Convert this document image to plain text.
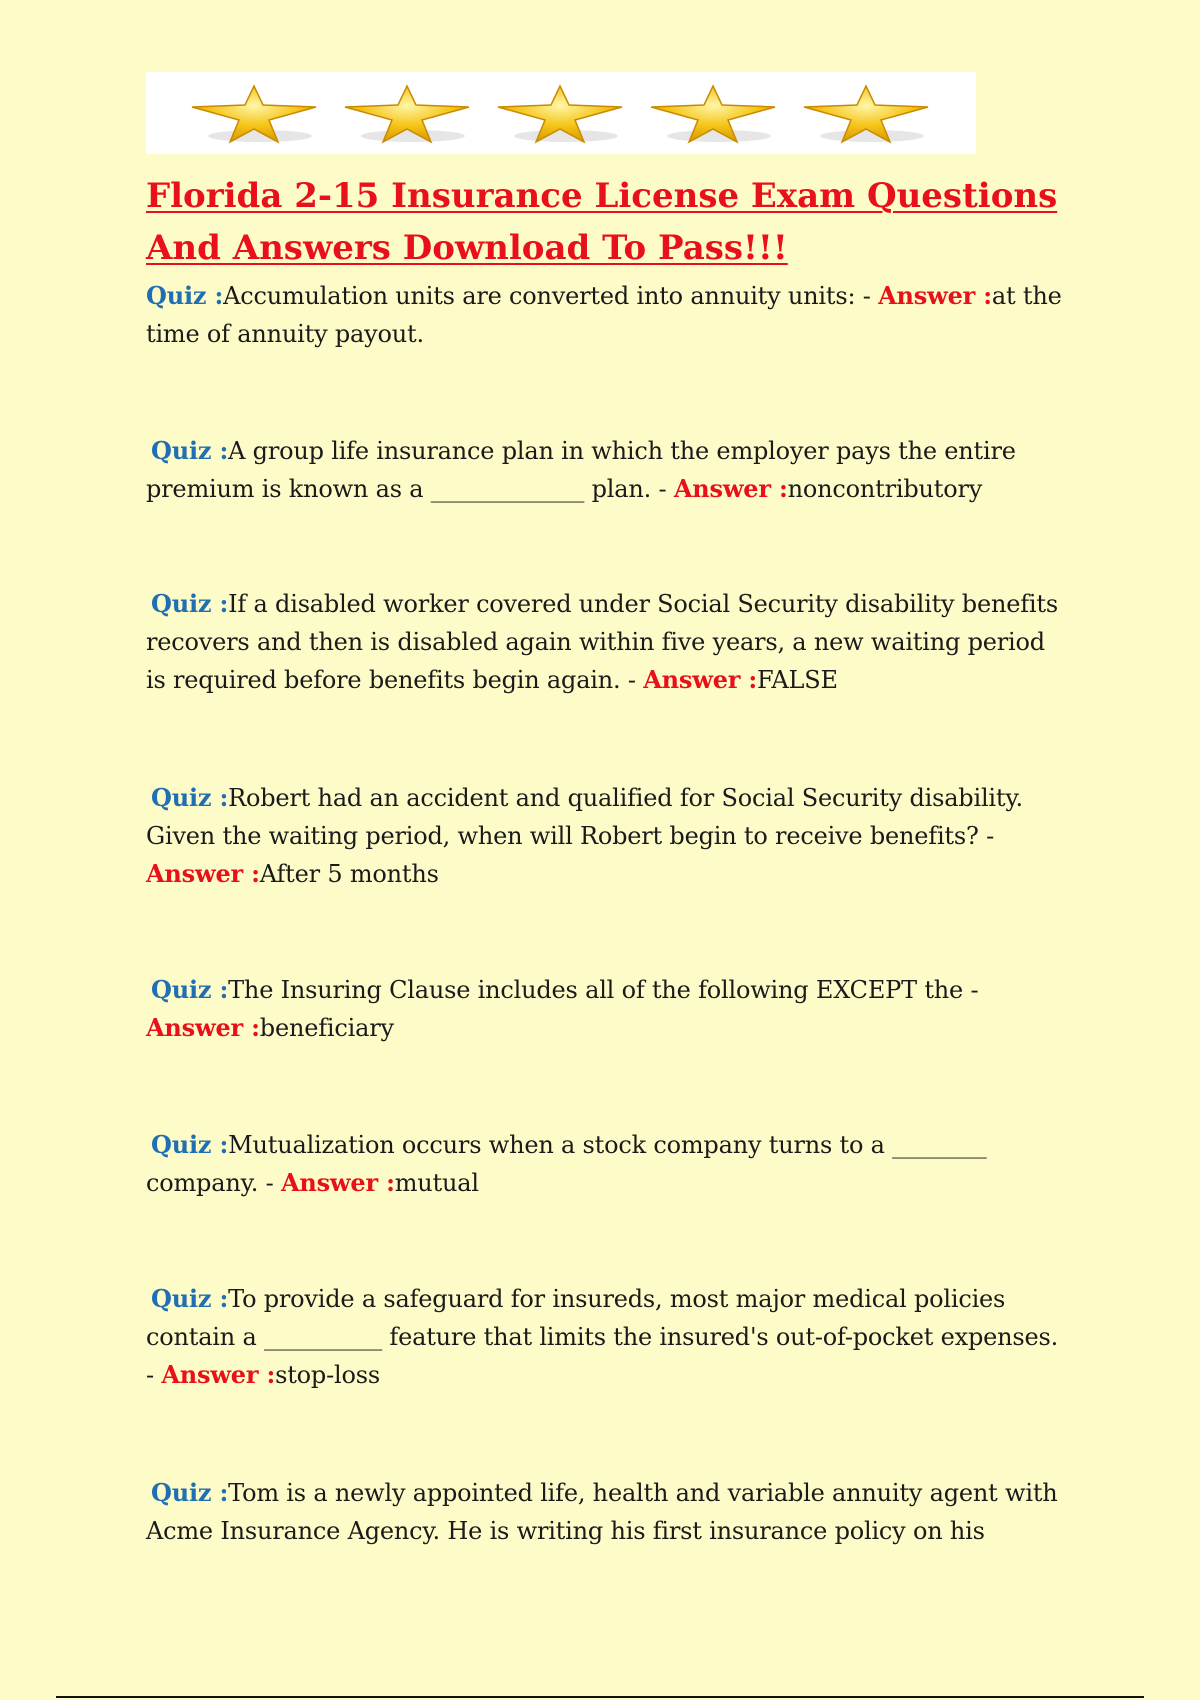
Florida 2-15 Insurance License Exam Questions And Answers Download To Pass!!!

Quiz :Accumulation units are converted into annuity units: - Answer :at the time of annuity payout.

Quiz :A group life insurance plan in which the employer pays the entire premium is known as a _____________ plan. - Answer :noncontributory

Quiz :If a disabled worker covered under Social Security disability benefits recovers and then is disabled again within five years, a new waiting period is required before benefits begin again. - Answer :FALSE

Quiz :Robert had an accident and qualified for Social Security disability. Given the waiting period, when will Robert begin to receive benefits? - Answer :After 5 months

Quiz :The Insuring Clause includes all of the following EXCEPT the - Answer :beneficiary

Quiz :Mutualization occurs when a stock company turns to a ________ company. - Answer :mutual

Quiz :To provide a safeguard for insureds, most major medical policies contain a __________ feature that limits the insured's out-of-pocket expenses. - Answer :stop-loss

Quiz :Tom is a newly appointed life, health and variable annuity agent with Acme Insurance Agency. He is writing his first insurance policy on his
